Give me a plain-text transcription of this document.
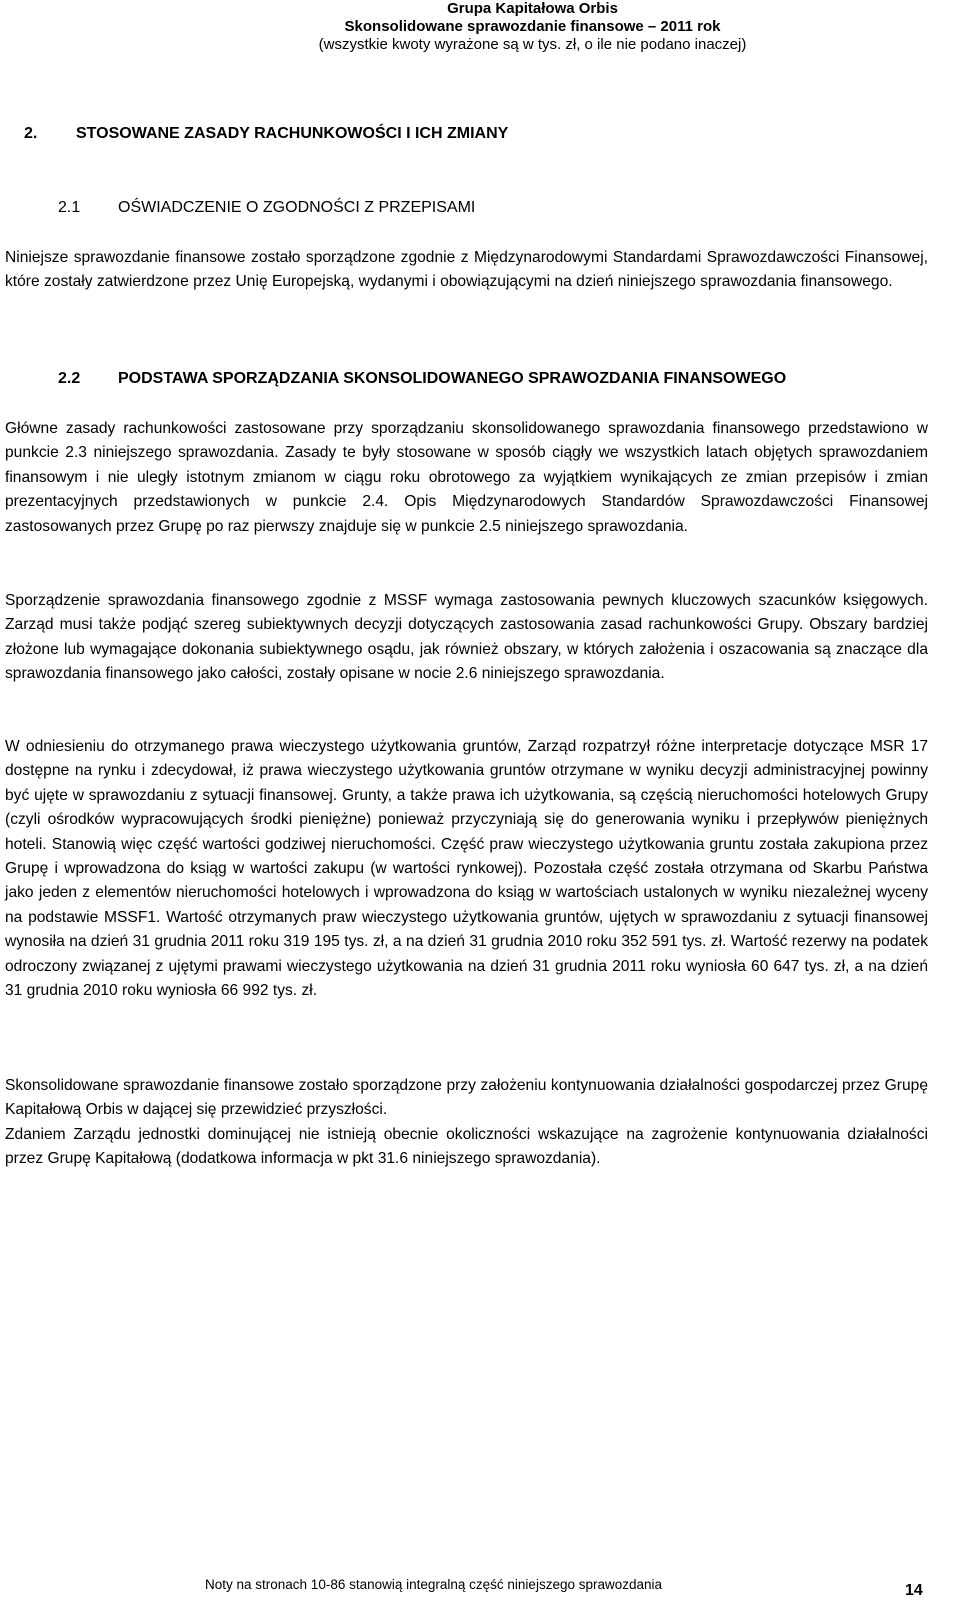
Grupa Kapitałowa Orbis
Skonsolidowane sprawozdanie finansowe – 2011 rok
(wszystkie kwoty wyrażone są w tys. zł, o ile nie podano inaczej)
2. STOSOWANE ZASADY RACHUNKOWOŚCI I ICH ZMIANY
2.1 OŚWIADCZENIE O ZGODNOŚCI Z PRZEPISAMI

Niniejsze sprawozdanie finansowe zostało sporządzone zgodnie z Międzynarodowymi Standardami Sprawozdawczości Finansowej, które zostały zatwierdzone przez Unię Europejską, wydanymi i obowiązującymi na dzień niniejszego sprawozdania finansowego.

2.2 PODSTAWA SPORZĄDZANIA SKONSOLIDOWANEGO SPRAWOZDANIA FINANSOWEGO

Główne zasady rachunkowości zastosowane przy sporządzaniu skonsolidowanego sprawozdania finansowego przedstawiono w punkcie 2.3 niniejszego sprawozdania. Zasady te były stosowane w sposób ciągły we wszystkich latach objętych sprawozdaniem finansowym i nie uległy istotnym zmianom w ciągu roku obrotowego za wyjątkiem wynikających ze zmian przepisów i zmian prezentacyjnych przedstawionych w punkcie 2.4. Opis Międzynarodowych Standardów Sprawozdawczości Finansowej zastosowanych przez Grupę po raz pierwszy znajduje się w punkcie 2.5 niniejszego sprawozdania.

Sporządzenie sprawozdania finansowego zgodnie z MSSF wymaga zastosowania pewnych kluczowych szacunków księgowych. Zarząd musi także podjąć szereg subiektywnych decyzji dotyczących zastosowania zasad rachunkowości Grupy. Obszary bardziej złożone lub wymagające dokonania subiektywnego osądu, jak również obszary, w których założenia i oszacowania są znaczące dla sprawozdania finansowego jako całości, zostały opisane w nocie 2.6 niniejszego sprawozdania.

W odniesieniu do otrzymanego prawa wieczystego użytkowania gruntów, Zarząd rozpatrzył różne interpretacje dotyczące MSR 17 dostępne na rynku i zdecydował, iż prawa wieczystego użytkowania gruntów otrzymane w wyniku decyzji administracyjnej powinny być ujęte w sprawozdaniu z sytuacji finansowej. Grunty, a także prawa ich użytkowania, są częścią nieruchomości hotelowych Grupy (czyli ośrodków wypracowujących środki pieniężne) ponieważ przyczyniają się do generowania wyniku i przepływów pieniężnych hoteli. Stanowią więc część wartości godziwej nieruchomości. Część praw wieczystego użytkowania gruntu została zakupiona przez Grupę i wprowadzona do ksiąg w wartości zakupu (w wartości rynkowej). Pozostała część została otrzymana od Skarbu Państwa jako jeden z elementów nieruchomości hotelowych i wprowadzona do ksiąg w wartościach ustalonych w wyniku niezależnej wyceny na podstawie MSSF1. Wartość otrzymanych praw wieczystego użytkowania gruntów, ujętych w sprawozdaniu z sytuacji finansowej wynosiła na dzień 31 grudnia 2011 roku 319 195 tys. zł, a na dzień 31 grudnia 2010 roku 352 591 tys. zł. Wartość rezerwy na podatek odroczony związanej z ujętymi prawami wieczystego użytkowania na dzień 31 grudnia 2011 roku wyniosła 60 647 tys. zł, a na dzień 31 grudnia 2010 roku wyniosła 66 992 tys. zł.

Skonsolidowane sprawozdanie finansowe zostało sporządzone przy założeniu kontynuowania działalności gospodarczej przez Grupę Kapitałową Orbis w dającej się przewidzieć przyszłości.

Zdaniem Zarządu jednostki dominującej nie istnieją obecnie okoliczności wskazujące na zagrożenie kontynuowania działalności przez Grupę Kapitałową (dodatkowa informacja w pkt 31.6 niniejszego sprawozdania).

Noty na stronach 10-86 stanowią integralną część niniejszego sprawozdania	14
